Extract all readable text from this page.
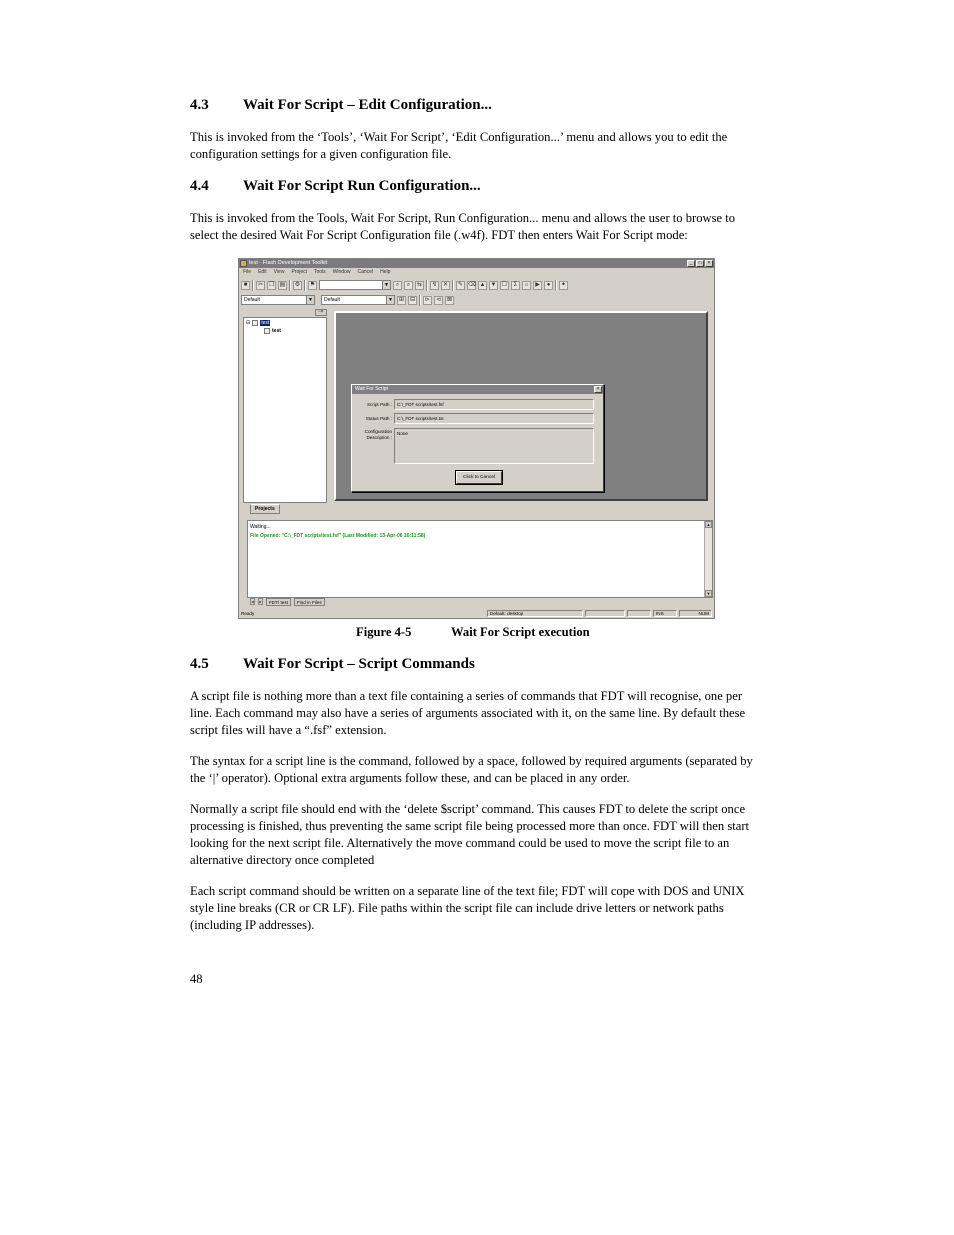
4.3 Wait For Script – Edit Configuration...
This is invoked from the ‘Tools’, ‘Wait For Script’, ‘Edit Configuration...’ menu and allows you to edit the configuration settings for a given configuration file.
4.4 Wait For Script Run Configuration...
This is invoked from the Tools, Wait For Script, Run Configuration... menu and allows the user to browse to select the desired Wait For Script Configuration file (.w4f). FDT then enters Wait For Script mode:
test - Flash Development Toolkit	_	□	×
File Edit View Project Tools Window Cancel Help
■	✂ ❐ ▤ ⚙	⚑	▼	⌕	⌕	⇆	↯ ✕	✎ ⌫ ▲ ▼ ☐	Σ	☼ ▶	●	✦
Default	▼	Default	▼	⊞ ⊟	⊳ ⊲ ⊠
▫×
⊟ test
test
Projects
Wait For Script	×
Script Path :	C:\_FDT scripts\test.fsf
Status Path :	C:\_FDT scripts\test.txt
Configuration Description :
None
Click to Cancel
Waiting...
File Opened: "C:\_FDT scripts\test.fsf" (Last Modified: 13-Apr-06 16:11:58)
▲
▼
◂	▸	FDT\ test	Find in Files
Ready	Default: desktop	INS	NUM
Figure 4-5	Wait For Script execution
4.5 Wait For Script – Script Commands
A script file is nothing more than a text file containing a series of commands that FDT will recognise, one per line. Each command may also have a series of arguments associated with it, on the same line. By default these script files will have a “.fsf” extension.
The syntax for a script line is the command, followed by a space, followed by required arguments (separated by the ‘|’ operator). Optional extra arguments follow these, and can be placed in any order.
Normally a script file should end with the ‘delete $script’ command. This causes FDT to delete the script once processing is finished, thus preventing the same script file being processed more than once. FDT will then start looking for the next script file. Alternatively the move command could be used to move the script file to an alternative directory once completed
Each script command should be written on a separate line of the text file; FDT will cope with DOS and UNIX style line breaks (CR or CR LF). File paths within the script file can include drive letters or network paths (including IP addresses).
48
